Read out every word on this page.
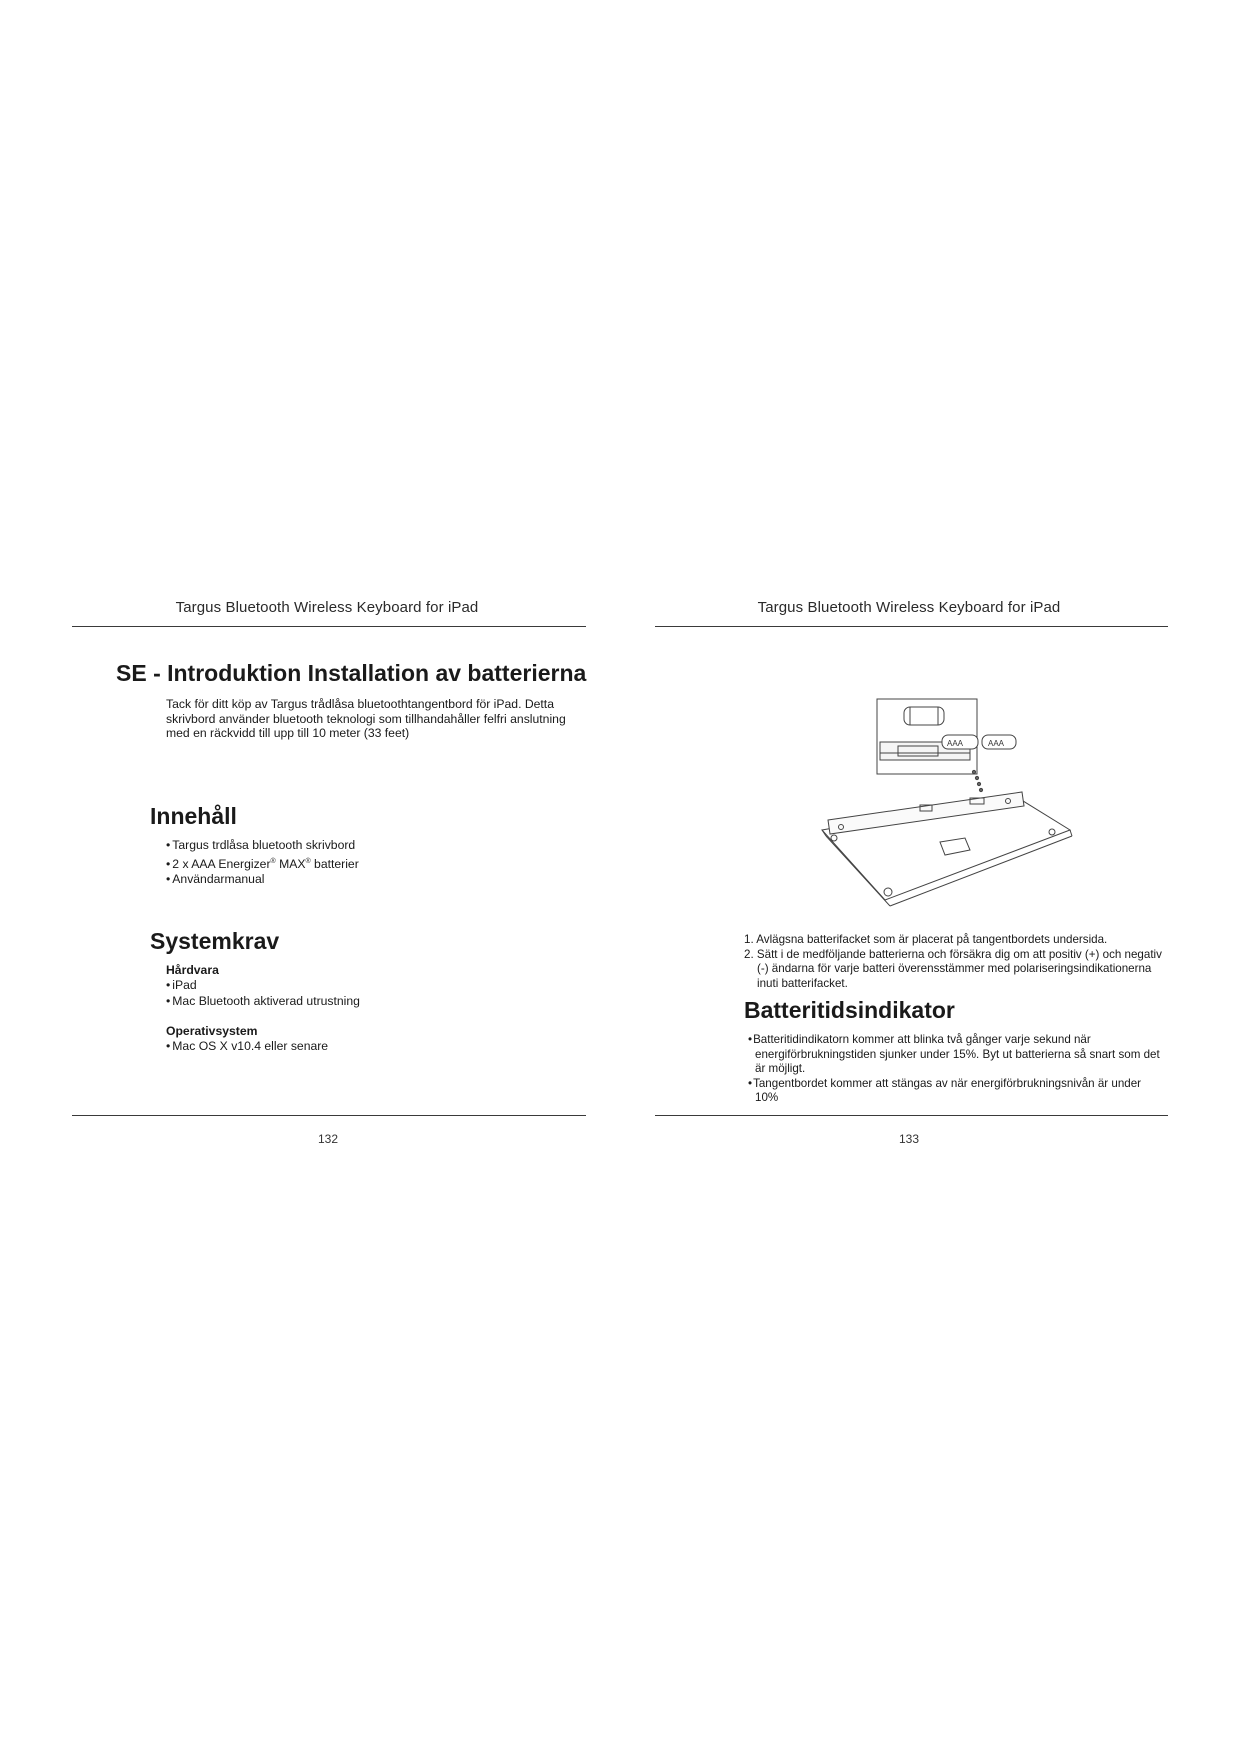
Targus Bluetooth Wireless Keyboard for iPad
SE - Introduktion Installation av batterierna

Tack för ditt köp av Targus trådlåsa bluetoothtangentbord för iPad. Detta skrivbord använder bluetooth teknologi som tillhandahåller felfri anslutning med en räckvidd till upp till 10 meter (33 feet)

Innehåll
• Targus trdlåsa bluetooth skrivbord
• 2 x AAA Energizer® MAX® batterier
• Användarmanual
Systemkrav
Hårdvara
• iPad
• Mac Bluetooth aktiverad utrustning
Operativsystem
• Mac OS X v10.4 eller senare
132
Targus Bluetooth Wireless Keyboard for iPad
AAA	AAA
1. Avlägsna batterifacket som är placerat på tangentbordets undersida.
2. Sätt i de medföljande batterierna och försäkra dig om att positiv (+) och negativ (-) ändarna för varje batteri överensstämmer med polariseringsindikationerna inuti batterifacket.
Batteritidsindikator
• Batteritidindikatorn kommer att blinka två gånger varje sekund när energiförbrukningstiden sjunker under 15%. Byt ut batterierna så snart som det är möjligt.
• Tangentbordet kommer att stängas av när energiförbrukningsnivån är under 10%
133
